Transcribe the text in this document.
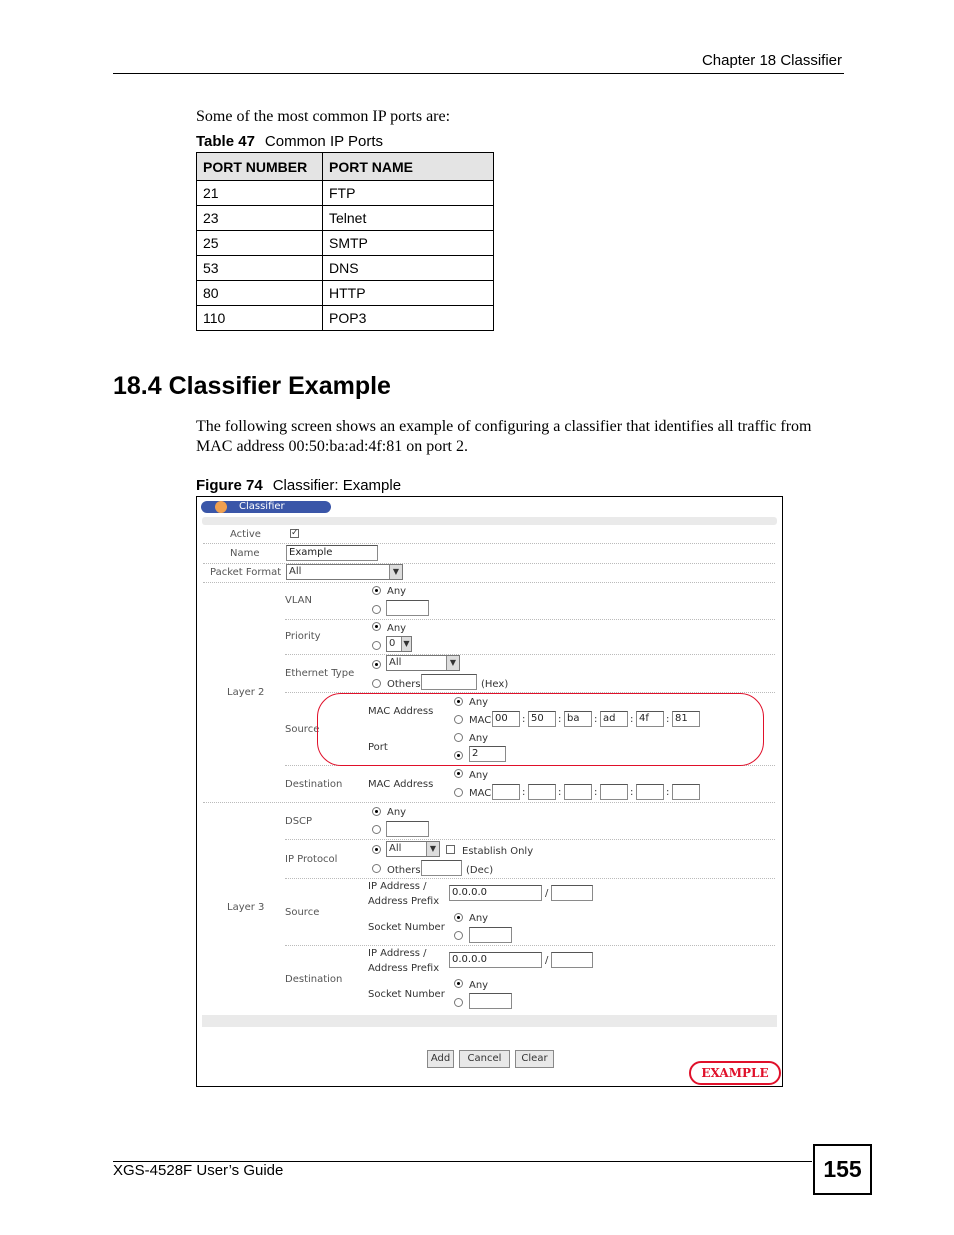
Chapter 18 Classifier
Some of the most common IP ports are:
Table 47 Common IP Ports
PORT NUMBER	PORT NAME
21	FTP
23	Telnet
25	SMTP
53	DNS
80	HTTP
110	POP3
18.4 Classifier Example
The following screen shows an example of configuring a classifier that identifies all traffic from MAC address 00:50:ba:ad:4f:81 on port 2.
Figure 74 Classifier: Example
Classifier
Active	✓
Name	Example
Packet Format All	▼
Layer 2
VLAN
Any
Priority
Any
0	▼
Ethernet Type
All	▼
Others	(Hex)
Source
MAC Address
Any
MAC 00	: 50	: ba	: ad	: 4f	: 81
Port
Any
2
Destination	MAC Address
Any
MAC	:	:	:	:	:
Layer 3
DSCP
Any
IP Protocol
All	▼	Establish Only
Others	(Dec)
Source
IP Address /
Address Prefix
0.0.0.0	/
Socket Number
Any
Destination
IP Address /
Address Prefix
0.0.0.0	/
Socket Number
Any
Add	Cancel	Clear
EXAMPLE
XGS-4528F User’s Guide	155
